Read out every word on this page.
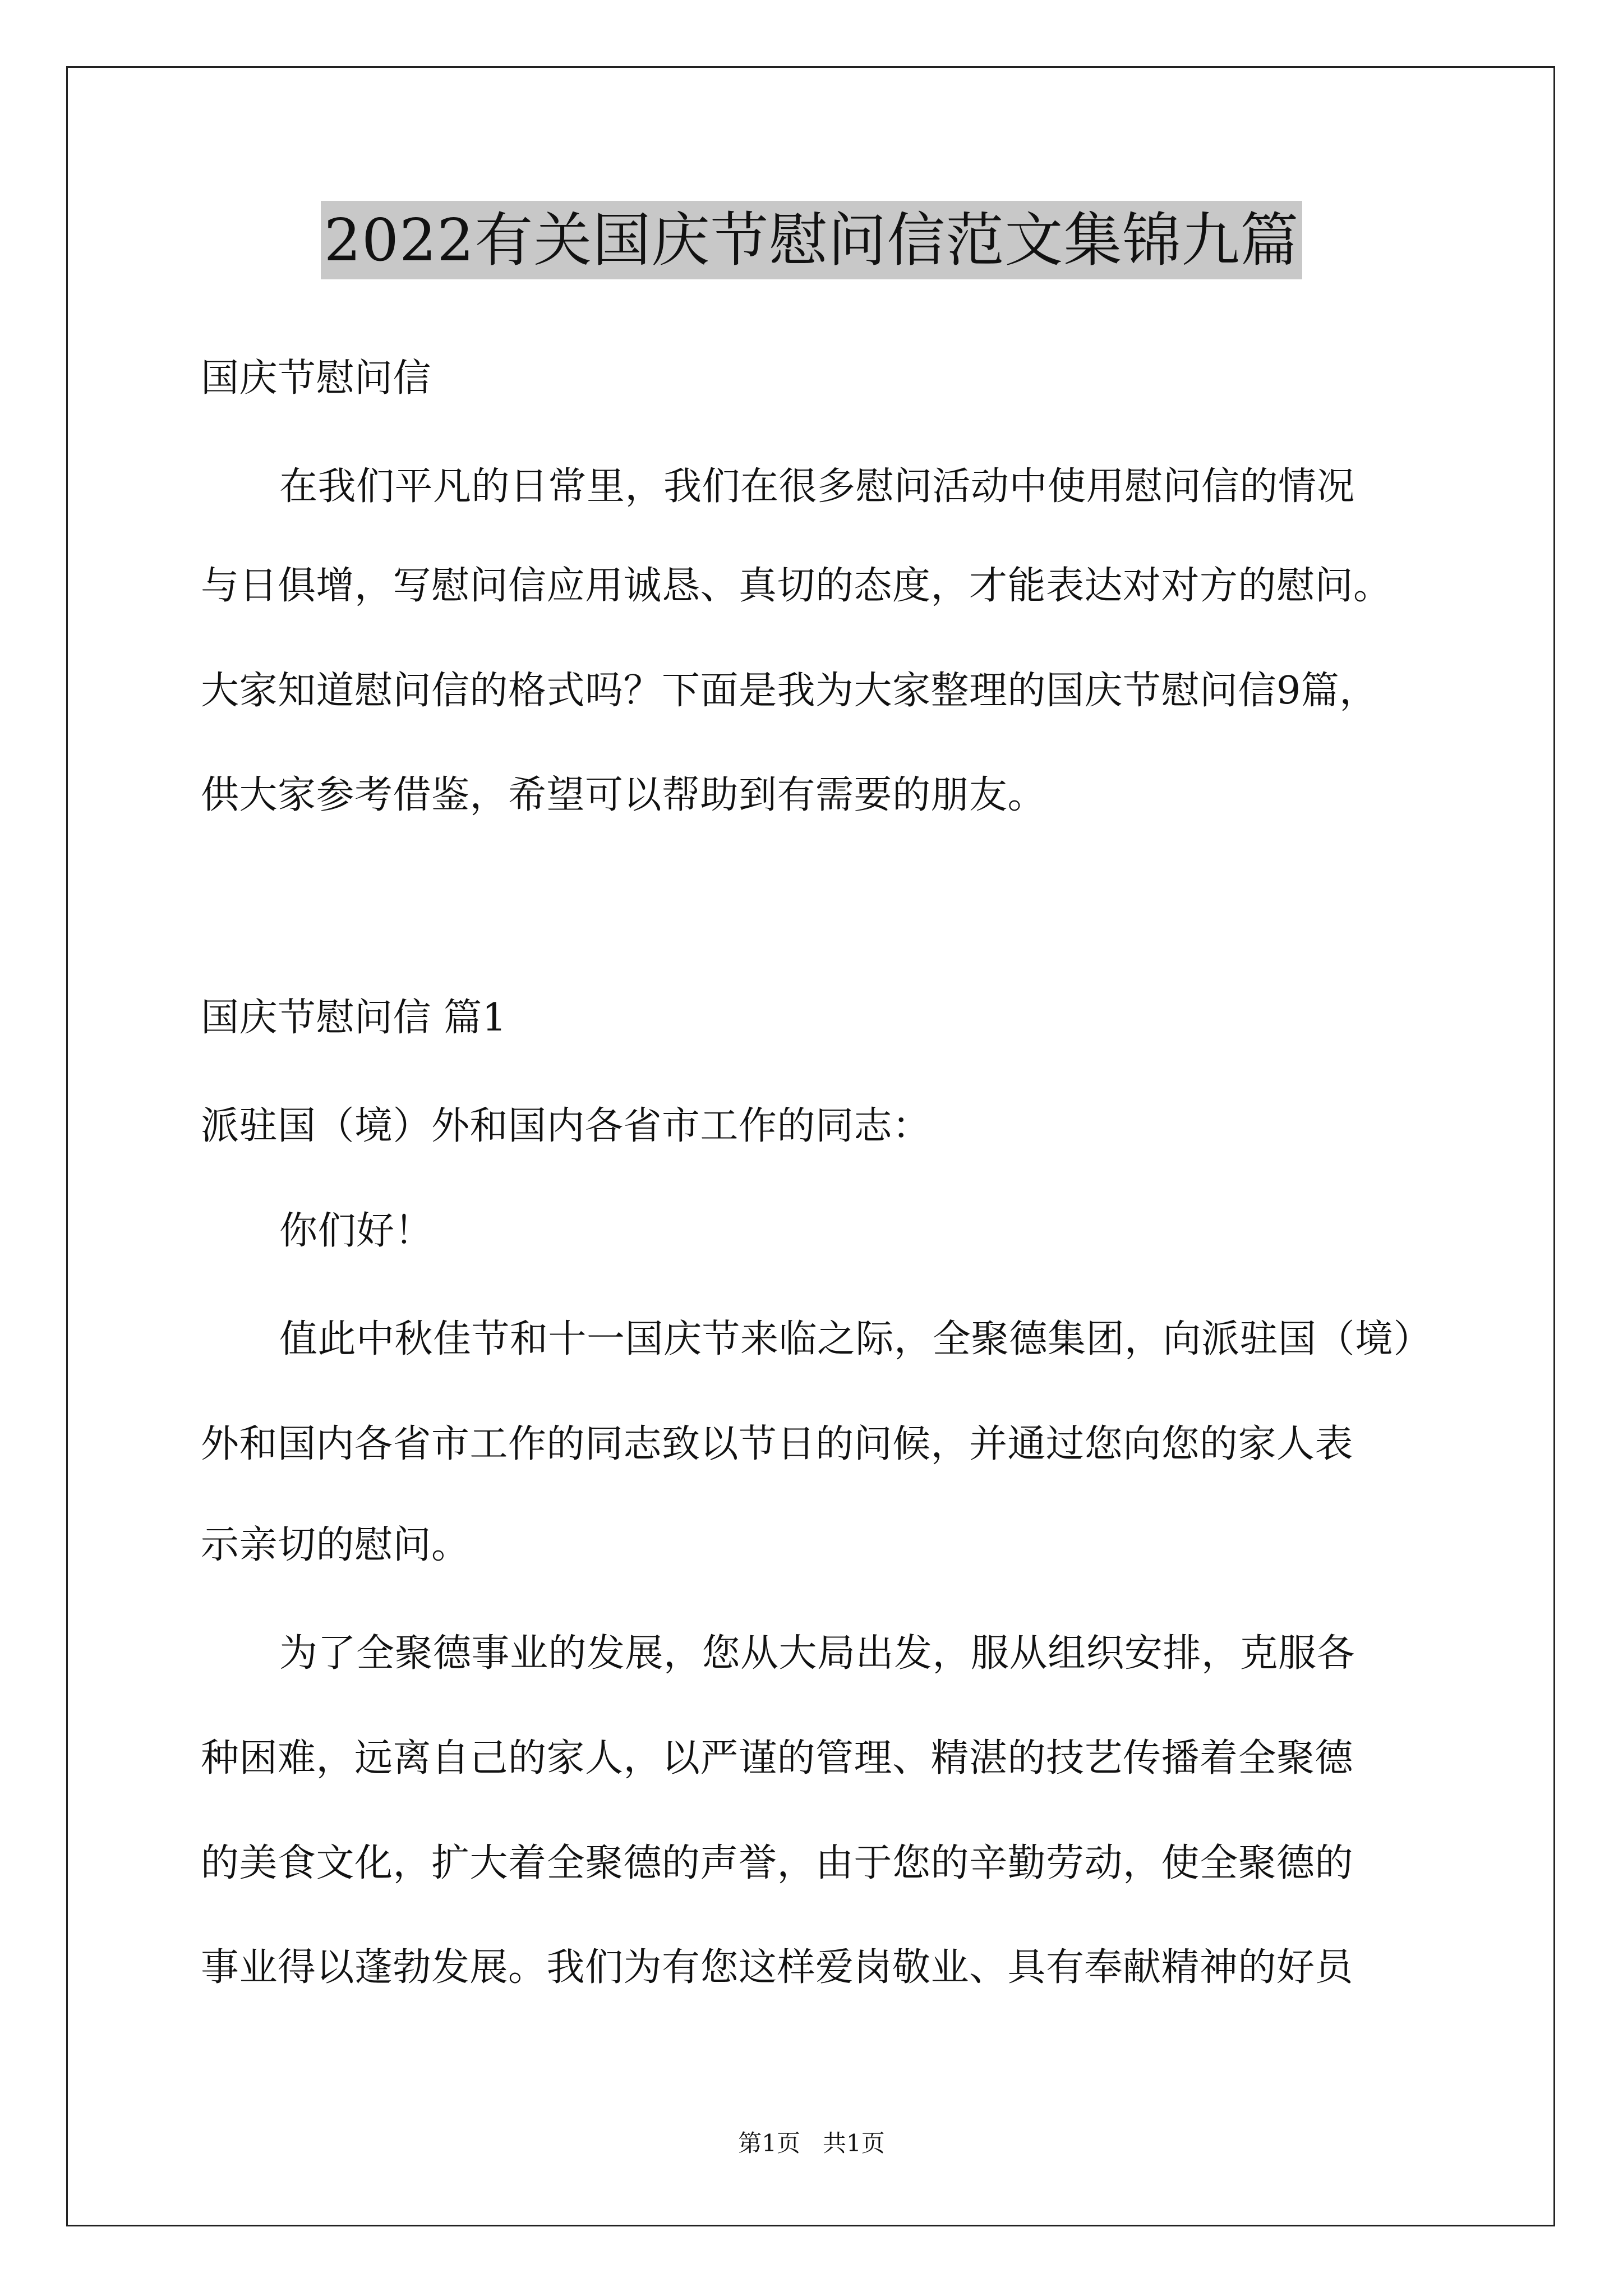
2022有关国庆节慰问信范文集锦九篇
国庆节慰问信
在我们平凡的日常里，我们在很多慰问活动中使用慰问信的情况
与日俱增，写慰问信应用诚恳、真切的态度，才能表达对对方的慰问。
大家知道慰问信的格式吗？下面是我为大家整理的国庆节慰问信9篇，
供大家参考借鉴，希望可以帮助到有需要的朋友。
国庆节慰问信 篇1
派驻国（境）外和国内各省市工作的同志：
你们好！
值此中秋佳节和十一国庆节来临之际，全聚德集团，向派驻国（境）
外和国内各省市工作的同志致以节日的问候，并通过您向您的家人表
示亲切的慰问。
为了全聚德事业的发展，您从大局出发，服从组织安排，克服各
种困难，远离自己的家人，以严谨的管理、精湛的技艺传播着全聚德
的美食文化，扩大着全聚德的声誉，由于您的辛勤劳动，使全聚德的
事业得以蓬勃发展。我们为有您这样爱岗敬业、具有奉献精神的好员
第1页   共1页
